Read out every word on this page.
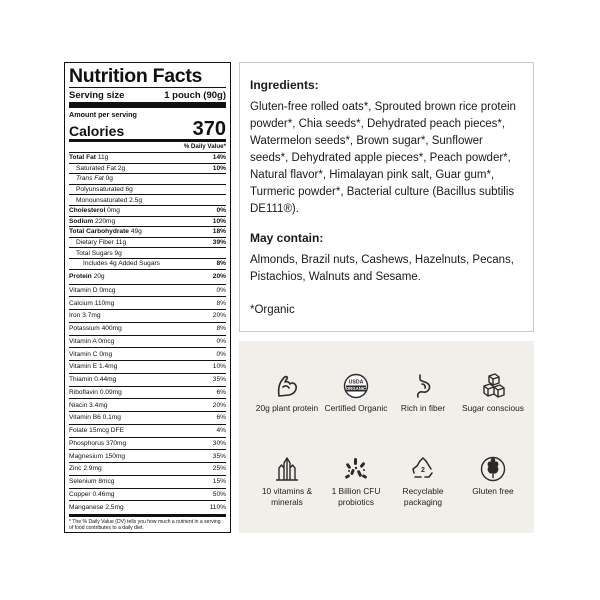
Nutrition Facts
Serving size	1 pouch (90g)
Amount per serving
Calories	370
% Daily Value*
Total Fat 11g	14%
Saturated Fat 2g	10%
Trans Fat 0g
Polyunsaturated 6g
Monounsaturated 2.5g
Cholesterol 0mg	0%
Sodium 220mg	10%
Total Carbohydrate 49g	18%
Dietary Fiber 11g	39%
Total Sugars 9g
Includes 4g Added Sugars	8%
Protein 20g	20%
Vitamin D 0mcg	0%
Calcium 110mg	8%
Iron 3.7mg	20%
Potassium 400mg	8%
Vitamin A 0mcg	0%
Vitamin C 0mg	0%
Vitamin E 1.4mg	10%
Thiamin 0.44mg	35%
Riboflavin 0.09mg	6%
Niacin 3.4mg	20%
Vitamin B6 0.1mg	6%
Folate 15mcg DFE	4%
Phosphorus 370mg	30%
Magnesium 150mg	35%
Zinc 2.9mg	25%
Selenium 8mcg	15%
Copper 0.46mg	50%
Manganese 2.5mg	110%
* The % Daily Value (DV) tells you how much a nutrient in a serving of food contributes to a daily diet.
Ingredients:

Gluten-free rolled oats*, Sprouted brown rice protein powder*, Chia seeds*, Dehydrated peach pieces*, Watermelon seeds*, Brown sugar*, Sunflower seeds*, Dehydrated apple pieces*, Peach powder*, Natural flavor*, Himalayan pink salt, Guar gum*, Turmeric powder*, Bacterial culture (Bacillus subtilis DE111®).

May contain:

Almonds, Brazil nuts, Cashews, Hazelnuts, Pecans, Pistachios, Walnuts and Sesame.

*Organic

20g plant protein
USDA
ORGANIC
Certified Organic	Rich in fiber	Sugar conscious
10 vitamins & minerals
1 Billion CFU probiotics
2
Recyclable packaging
Gluten free
